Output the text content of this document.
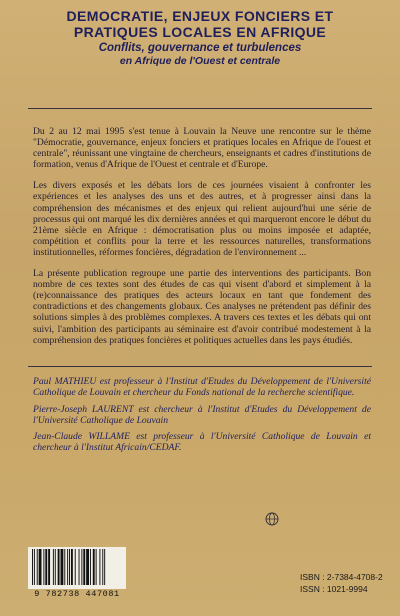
DEMOCRATIE, ENJEUX FONCIERS ET
PRATIQUES LOCALES EN AFRIQUE
Conflits, gouvernance et turbulences
en Afrique de l'Ouest et centrale

Du 2 au 12 mai 1995 s'est tenue à Louvain la Neuve une rencontre sur le thème "Démocratie, gouvernance, enjeux fonciers et pratiques locales en Afrique de l'ouest et centrale", réunissant une vingtaine de chercheurs, enseignants et cadres d'institutions de formation, venus d'Afrique de l'Ouest et centrale et d'Europe.

Les divers exposés et les débats lors de ces journées visaient à confronter les expériences et les analyses des uns et des autres, et à progresser ainsi dans la compréhension des mécanismes et des enjeux qui relient aujourd'hui une série de processus qui ont marqué les dix dernières années et qui marqueront encore le début du 21ème siècle en Afrique : démocratisation plus ou moins imposée et adaptée, compétition et conflits pour la terre et les ressources naturelles, transformations institutionnelles, réformes foncières, dégradation de l'environnement ...

La présente publication regroupe une partie des interventions des participants. Bon nombre de ces textes sont des études de cas qui visent d'abord et simplement à la (re)connaissance des pratiques des acteurs locaux en tant que fondement des contradictions et des changements globaux. Ces analyses ne prétendent pas définir des solutions simples à des problèmes complexes. A travers ces textes et les débats qui ont suivi, l'ambition des participants au séminaire est d'avoir contribué modestement à la compréhension des pratiques foncières et politiques actuelles dans les pays étudiés.

Paul MATHIEU est professeur à l'Institut d'Etudes du Développement de l'Université Catholique de Louvain et chercheur du Fonds national de la recherche scientifique.

Pierre-Joseph LAURENT est chercheur à l'Institut d'Etudes du Développement de l'Université Catholique de Louvain

Jean-Claude WILLAME est professeur à l'Université Catholique de Louvain et chercheur à l'Institut Africain/CEDAF.

9 782738 447081
ISBN : 2-7384-4708-2
ISSN : 1021-9994
